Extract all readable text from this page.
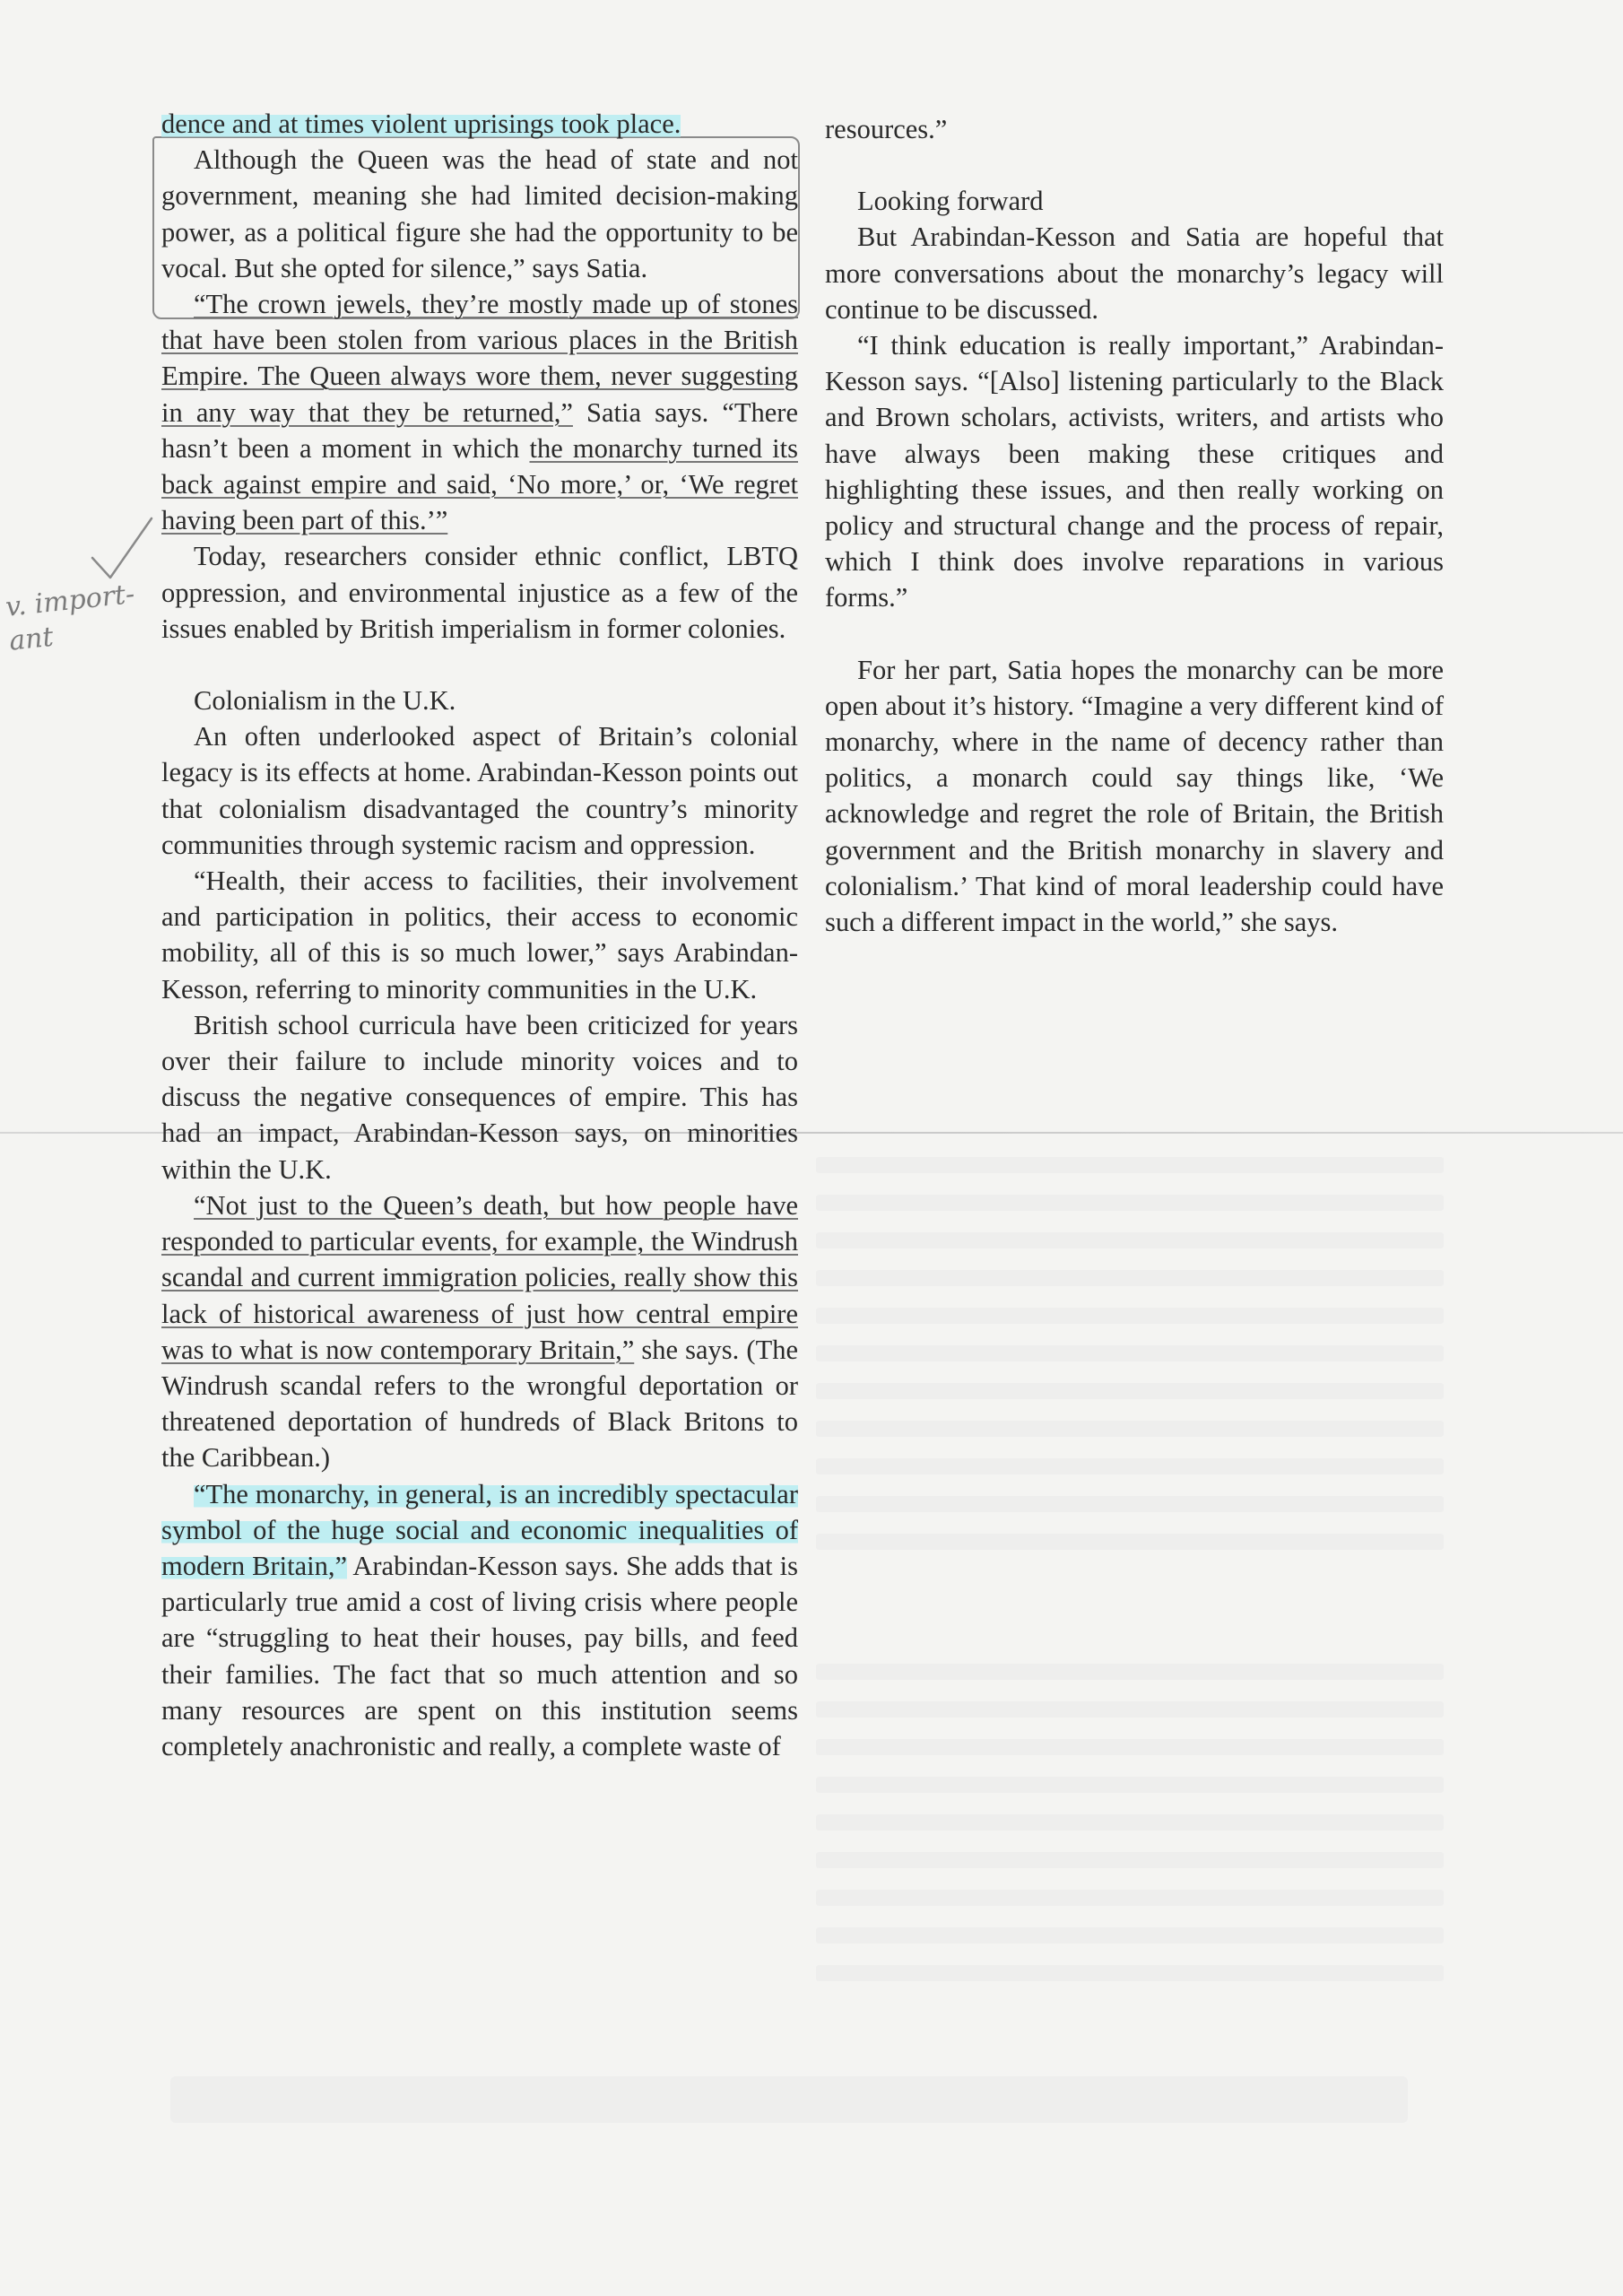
v. import- ant

dence and at times violent uprisings took place.

Although the Queen was the head of state and not government, meaning she had limited decision-making power, as a political figure she had the opportunity to be vocal. But she opted for silence,” says Satia.

“The crown jewels, they’re mostly made up of stones that have been stolen from various places in the British Empire. The Queen always wore them, never suggesting in any way that they be returned,” Satia says. “There hasn’t been a moment in which the monarchy turned its back against empire and said, ‘No more,’ or, ‘We regret having been part of this.’”

Today, researchers consider ethnic conflict, LBTQ oppression, and environmental injustice as a few of the issues enabled by British imperialism in former colonies.

Colonialism in the U.K.

An often underlooked aspect of Britain’s colonial legacy is its effects at home. Arabindan-Kesson points out that colonialism disadvantaged the country’s minority communities through systemic racism and oppression.

“Health, their access to facilities, their involvement and participation in politics, their access to economic mobility, all of this is so much lower,” says Arabindan-Kesson, referring to minority communities in the U.K.

British school curricula have been criticized for years over their failure to include minority voices and to discuss the negative consequences of empire. This has had an impact, Arabindan-Kesson says, on minorities within the U.K.

“Not just to the Queen’s death, but how people have responded to particular events, for example, the Windrush scandal and current immigration policies, really show this lack of historical awareness of just how central empire was to what is now contemporary Britain,” she says. (The Windrush scandal refers to the wrongful deportation or threatened deportation of hundreds of Black Britons to the Caribbean.)

“The monarchy, in general, is an incredibly spectacular symbol of the huge social and economic inequalities of modern Britain,” Arabindan-Kesson says. She adds that is particularly true amid a cost of living crisis where people are “struggling to heat their houses, pay bills, and feed their families. The fact that so much attention and so many resources are spent on this institution seems completely anachronistic and really, a complete waste of

resources.”

Looking forward

But Arabindan-Kesson and Satia are hopeful that more conversations about the monarchy’s legacy will continue to be discussed.

“I think education is really important,” Arabindan-Kesson says. “[Also] listening particularly to the Black and Brown scholars, activists, writers, and artists who have always been making these critiques and highlighting these issues, and then really working on policy and structural change and the process of repair, which I think does involve reparations in various forms.”

For her part, Satia hopes the monarchy can be more open about it’s history. “Imagine a very different kind of monarchy, where in the name of decency rather than politics, a monarch could say things like, ‘We acknowledge and regret the role of Britain, the British government and the British monarchy in slavery and colonialism.’ That kind of moral leadership could have such a different impact in the world,” she says.
